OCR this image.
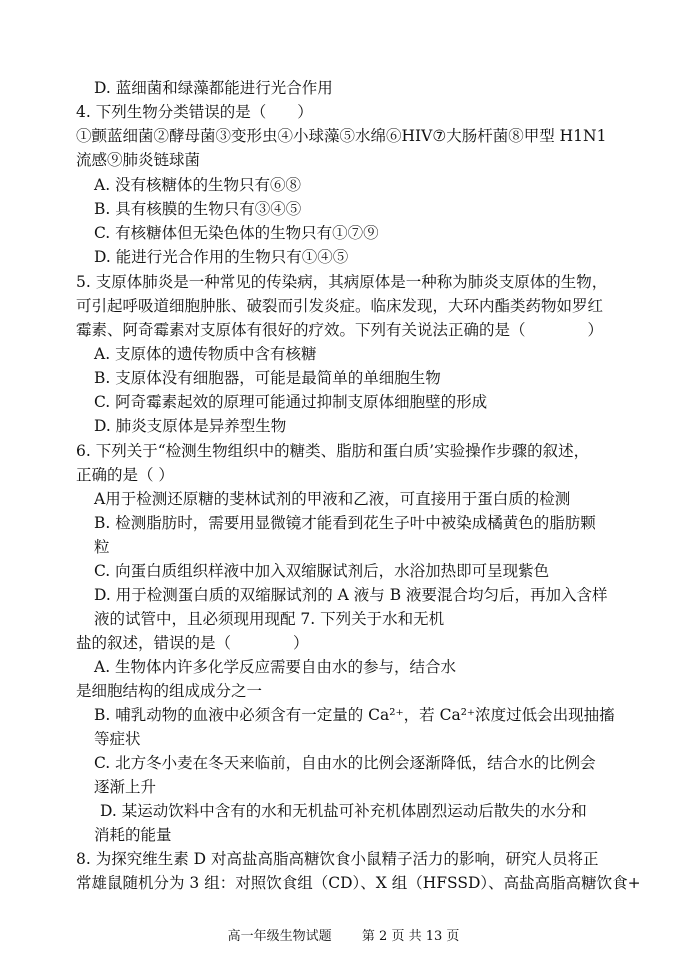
D. 蓝细菌和绿藻都能进行光合作用
4. 下列生物分类错误的是（　　）
①颤蓝细菌②酵母菌③变形虫④小球藻⑤水绵⑥HIV⑦大肠杆菌⑧甲型 H1N1
流感⑨肺炎链球菌
A. 没有核糖体的生物只有⑥⑧
B. 具有核膜的生物只有③④⑤
C. 有核糖体但无染色体的生物只有①⑦⑨
D. 能进行光合作用的生物只有①④⑤
5. 支原体肺炎是一种常见的传染病，其病原体是一种称为肺炎支原体的生物，
可引起呼吸道细胞肿胀、破裂而引发炎症。临床发现，大环内酯类药物如罗红
霉素、阿奇霉素对支原体有很好的疗效。下列有关说法正确的是（　　　　）
A. 支原体的遗传物质中含有核糖
B. 支原体没有细胞器，可能是最简单的单细胞生物
C. 阿奇霉素起效的原理可能通过抑制支原体细胞壁的形成
D. 肺炎支原体是异养型生物
6. 下列关于“检测生物组织中的糖类、脂肪和蛋白质’实验操作步骤的叙述，
正确的是（ ）
A用于检测还原糖的斐林试剂的甲液和乙液，可直接用于蛋白质的检测
B. 检测脂肪时，需要用显微镜才能看到花生子叶中被染成橘黄色的脂肪颗
粒
C. 向蛋白质组织样液中加入双缩脲试剂后，水浴加热即可呈现紫色
D. 用于检测蛋白质的双缩脲试剂的 A 液与 B 液要混合均匀后，再加入含样
液的试管中，且必须现用现配 7. 下列关于水和无机
盐的叙述，错误的是（　　　　）
A. 生物体内许多化学反应需要自由水的参与，结合水
是细胞结构的组成成分之一
B. 哺乳动物的血液中必须含有一定量的 Ca²⁺，若 Ca²⁺浓度过低会出现抽搐
等症状
C. 北方冬小麦在冬天来临前，自由水的比例会逐渐降低，结合水的比例会
逐渐上升
D. 某运动饮料中含有的水和无机盐可补充机体剧烈运动后散失的水分和
消耗的能量
8. 为探究维生素 D 对高盐高脂高糖饮食小鼠精子活力的影响，研究人员将正
常雄鼠随机分为 3 组：对照饮食组（CD）、X 组（HFSSD）、高盐高脂高糖饮食+
高一年级生物试题 第 2 页 共 13 页
